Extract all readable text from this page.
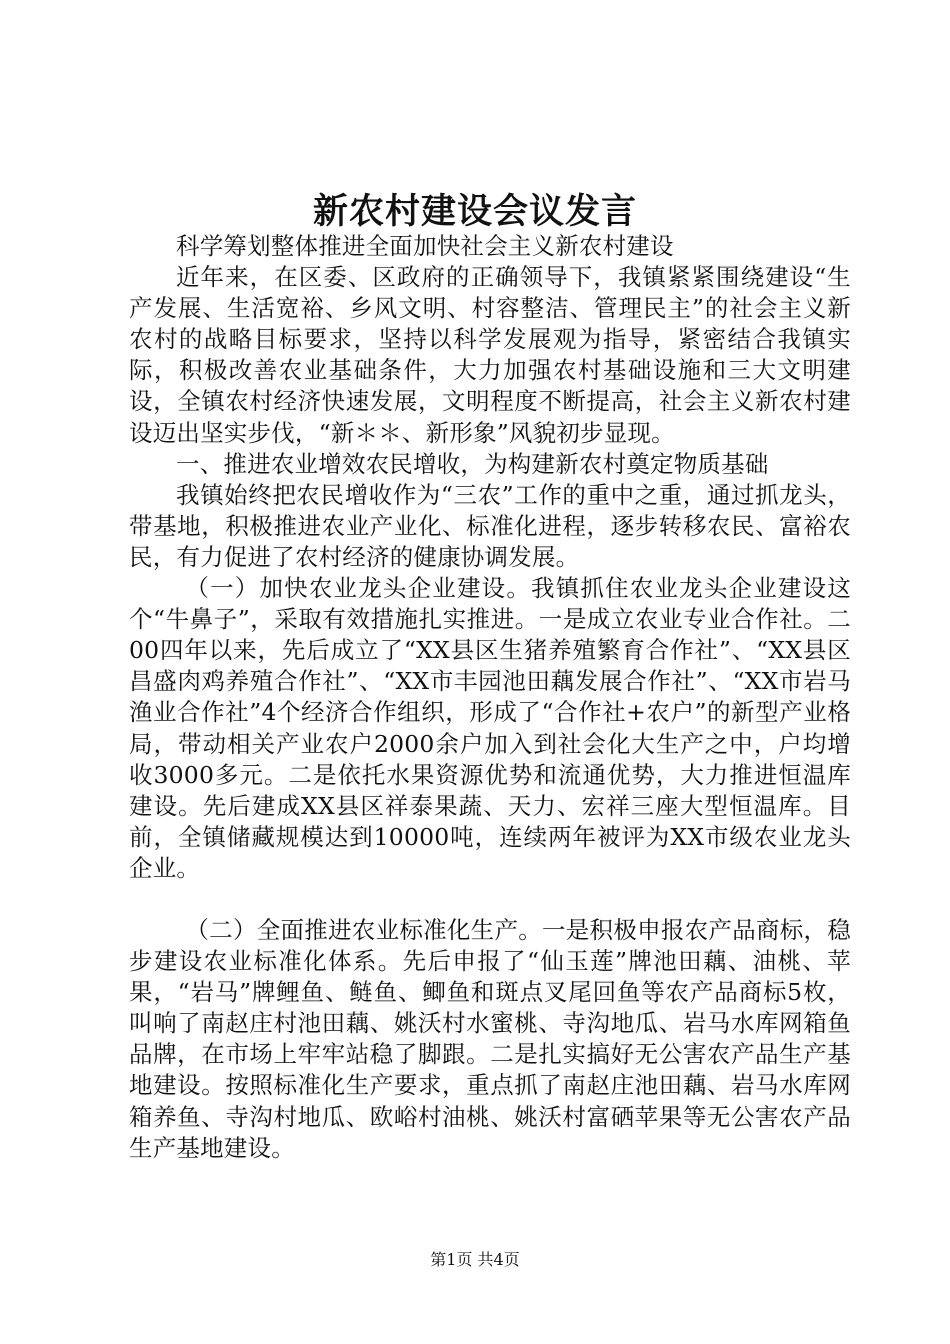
新农村建设会议发言

科学筹划整体推进全面加快社会主义新农村建设

近年来，在区委、区政府的正确领导下，我镇紧紧围绕建设“生产发展、生活宽裕、乡风文明、村容整洁、管理民主”的社会主义新农村的战略目标要求，坚持以科学发展观为指导，紧密结合我镇实际，积极改善农业基础条件，大力加强农村基础设施和三大文明建设，全镇农村经济快速发展，文明程度不断提高，社会主义新农村建设迈出坚实步伐，“新＊＊、新形象”风貌初步显现。

一、推进农业增效农民增收，为构建新农村奠定物质基础

我镇始终把农民增收作为“三农”工作的重中之重，通过抓龙头，带基地，积极推进农业产业化、标准化进程，逐步转移农民、富裕农民，有力促进了农村经济的健康协调发展。

（一）加快农业龙头企业建设。我镇抓住农业龙头企业建设这个“牛鼻子”，采取有效措施扎实推进。一是成立农业专业合作社。二00四年以来，先后成立了“XX县区生猪养殖繁育合作社”、“XX县区昌盛肉鸡养殖合作社”、“XX市丰园池田藕发展合作社”、“XX市岩马渔业合作社”4个经济合作组织，形成了“合作社+农户”的新型产业格局，带动相关产业农户2000余户加入到社会化大生产之中，户均增收3000多元。二是依托水果资源优势和流通优势，大力推进恒温库建设。先后建成XX县区祥泰果蔬、天力、宏祥三座大型恒温库。目前，全镇储藏规模达到10000吨，连续两年被评为XX市级农业龙头企业。

（二）全面推进农业标准化生产。一是积极申报农产品商标，稳步建设农业标准化体系。先后申报了“仙玉莲”牌池田藕、油桃、苹果，“岩马”牌鲤鱼、鲢鱼、鲫鱼和斑点叉尾回鱼等农产品商标5枚，叫响了南赵庄村池田藕、姚沃村水蜜桃、寺沟地瓜、岩马水库网箱鱼品牌，在市场上牢牢站稳了脚跟。二是扎实搞好无公害农产品生产基地建设。按照标准化生产要求，重点抓了南赵庄池田藕、岩马水库网箱养鱼、寺沟村地瓜、欧峪村油桃、姚沃村富硒苹果等无公害农产品生产基地建设。

第1页 共4页
